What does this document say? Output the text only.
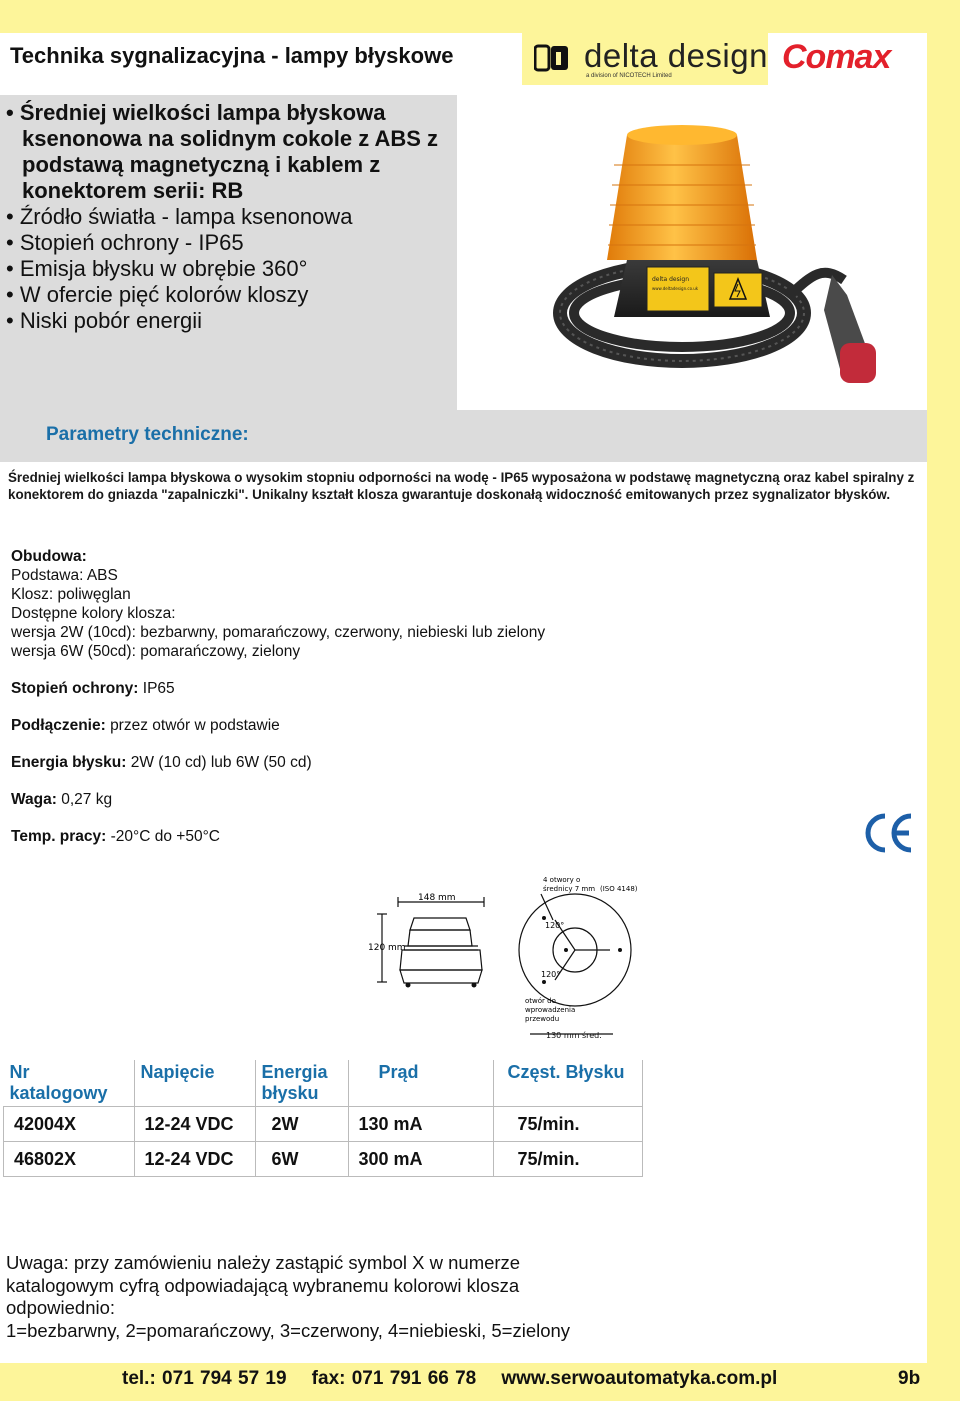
Technika sygnalizacyjna - lampy błyskowe	delta design
a division of NICOTECH Limited	Comax
• Średniej wielkości lampa błyskowa ksenonowa na solidnym cokole z ABS z podstawą magnetyczną i kablem z konektorem serii: RB
• Źródło światła - lampa ksenonowa
• Stopień ochrony - IP65
• Emisja błysku w obrębie 360°
• W ofercie pięć kolorów kloszy
• Niski pobór energii
delta design
www.deltadesign.co.uk
Parametry techniczne:
Średniej wielkości lampa błyskowa o wysokim stopniu odporności na wodę - IP65 wyposażona w podstawę magnetyczną oraz kabel spiralny z konektorem do gniazda "zapalniczki". Unikalny kształt klosza gwarantuje doskonałą widoczność emitowanych przez sygnalizator błysków.
Obudowa:
Podstawa: ABS
Klosz: poliwęglan
Dostępne kolory klosza:
wersja 2W (10cd): bezbarwny, pomarańczowy, czerwony, niebieski lub zielony
wersja 6W (50cd): pomarańczowy, zielony
Stopień ochrony: IP65
Podłączenie: przez otwór w podstawie
Energia błysku: 2W (10 cd) lub 6W (50 cd)
Waga: 0,27 kg
Temp. pracy: -20°C do +50°C
148 mm
120 mm
4 otwory o
średnicy 7 mm (ISO 4148)
120°
120°
otwór do
wprowadzenia
przewodu
130 mm śred.
Nr katalogowy	Napięcie	Energia błysku	Prąd	Częst. Błysku
42004X	12-24 VDC	2W	130 mA	75/min.
46802X	12-24 VDC	6W	300 mA	75/min.
Uwaga: przy zamówieniu należy zastąpić symbol X w numerze
katalogowym cyfrą odpowiadającą wybranemu kolorowi klosza
odpowiednio:
1=bezbarwny, 2=pomarańczowy, 3=czerwony, 4=niebieski, 5=zielony
tel.: 071 794 57 19    fax: 071 791 66 78    www.serwoautomatyka.com.pl	9b
